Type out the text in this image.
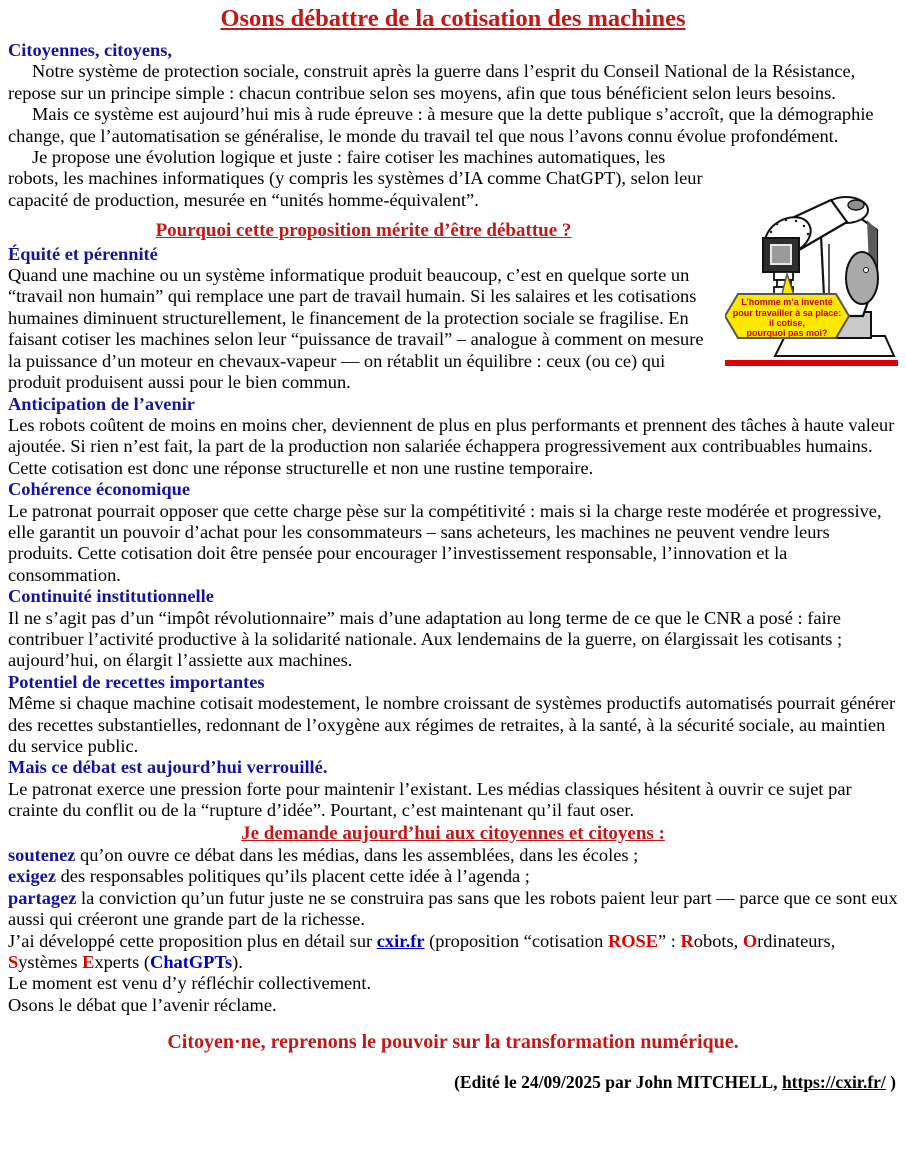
Osons débattre de la cotisation des machines

Citoyennes, citoyens,

Notre système de protection sociale, construit après la guerre dans l’esprit du Conseil National de la Résistance, repose sur un principe simple : chacun contribue selon ses moyens, afin que tous bénéficient selon leurs besoins.

Mais ce système est aujourd’hui mis à rude épreuve : à mesure que la dette publique s’accroît, que la démographie change, que l’automatisation se généralise, le monde du travail tel que nous l’avons connu évolue profondément.

L’homme m’a inventé
pour travailler à sa place:
il cotise,
pourquoi pas moi?

Je propose une évolution logique et juste : faire cotiser les machines automatiques, les robots, les machines informatiques (y compris les systèmes d’IA comme ChatGPT), selon leur capacité de production, mesurée en “unités homme-équivalent”.

Pourquoi cette proposition mérite d’être débattue ?

Équité et pérennité

Quand une machine ou un système informatique produit beaucoup, c’est en quelque sorte un “travail non humain” qui remplace une part de travail humain. Si les salaires et les cotisations humaines diminuent structurellement, le financement de la protection sociale se fragilise. En faisant cotiser les machines selon leur “puissance de travail” – analogue à comment on mesure la puissance d’un moteur en chevaux-vapeur — on rétablit un équilibre : ceux (ou ce) qui produit produisent aussi pour le bien commun.

Anticipation de l’avenir

Les robots coûtent de moins en moins cher, deviennent de plus en plus performants et prennent des tâches à haute valeur ajoutée. Si rien n’est fait, la part de la production non salariée échappera progressivement aux contribuables humains. Cette cotisation est donc une réponse structurelle et non une rustine temporaire.

Cohérence économique

Le patronat pourrait opposer que cette charge pèse sur la compétitivité : mais si la charge reste modérée et progressive, elle garantit un pouvoir d’achat pour les consommateurs – sans acheteurs, les machines ne peuvent vendre leurs produits. Cette cotisation doit être pensée pour encourager l’investissement responsable, l’innovation et la consommation.

Continuité institutionnelle

Il ne s’agit pas d’un “impôt révolutionnaire” mais d’une adaptation au long terme de ce que le CNR a posé : faire contribuer l’activité productive à la solidarité nationale. Aux lendemains de la guerre, on élargissait les cotisants ; aujourd’hui, on élargit l’assiette aux machines.

Potentiel de recettes importantes

Même si chaque machine cotisait modestement, le nombre croissant de systèmes productifs automatisés pourrait générer des recettes substantielles, redonnant de l’oxygène aux régimes de retraites, à la santé, à la sécurité sociale, au maintien du service public.

Mais ce débat est aujourd’hui verrouillé.

Le patronat exerce une pression forte pour maintenir l’existant. Les médias classiques hésitent à ouvrir ce sujet par crainte du conflit ou de la “rupture d’idée”. Pourtant, c’est maintenant qu’il faut oser.

Je demande aujourd’hui aux citoyennes et citoyens :

soutenez qu’on ouvre ce débat dans les médias, dans les assemblées, dans les écoles ;

exigez des responsables politiques qu’ils placent cette idée à l’agenda ;

partagez la conviction qu’un futur juste ne se construira pas sans que les robots paient leur part — parce que ce sont eux aussi qui créeront une grande part de la richesse.

J’ai développé cette proposition plus en détail sur cxir.fr (proposition “cotisation ROSE” : Robots, Ordinateurs, Systèmes Experts (ChatGPTs).

Le moment est venu d’y réfléchir collectivement.

Osons le débat que l’avenir réclame.

Citoyen·ne, reprenons le pouvoir sur la transformation numérique.

(Edité le 24/09/2025 par John MITCHELL, https://cxir.fr/ )
